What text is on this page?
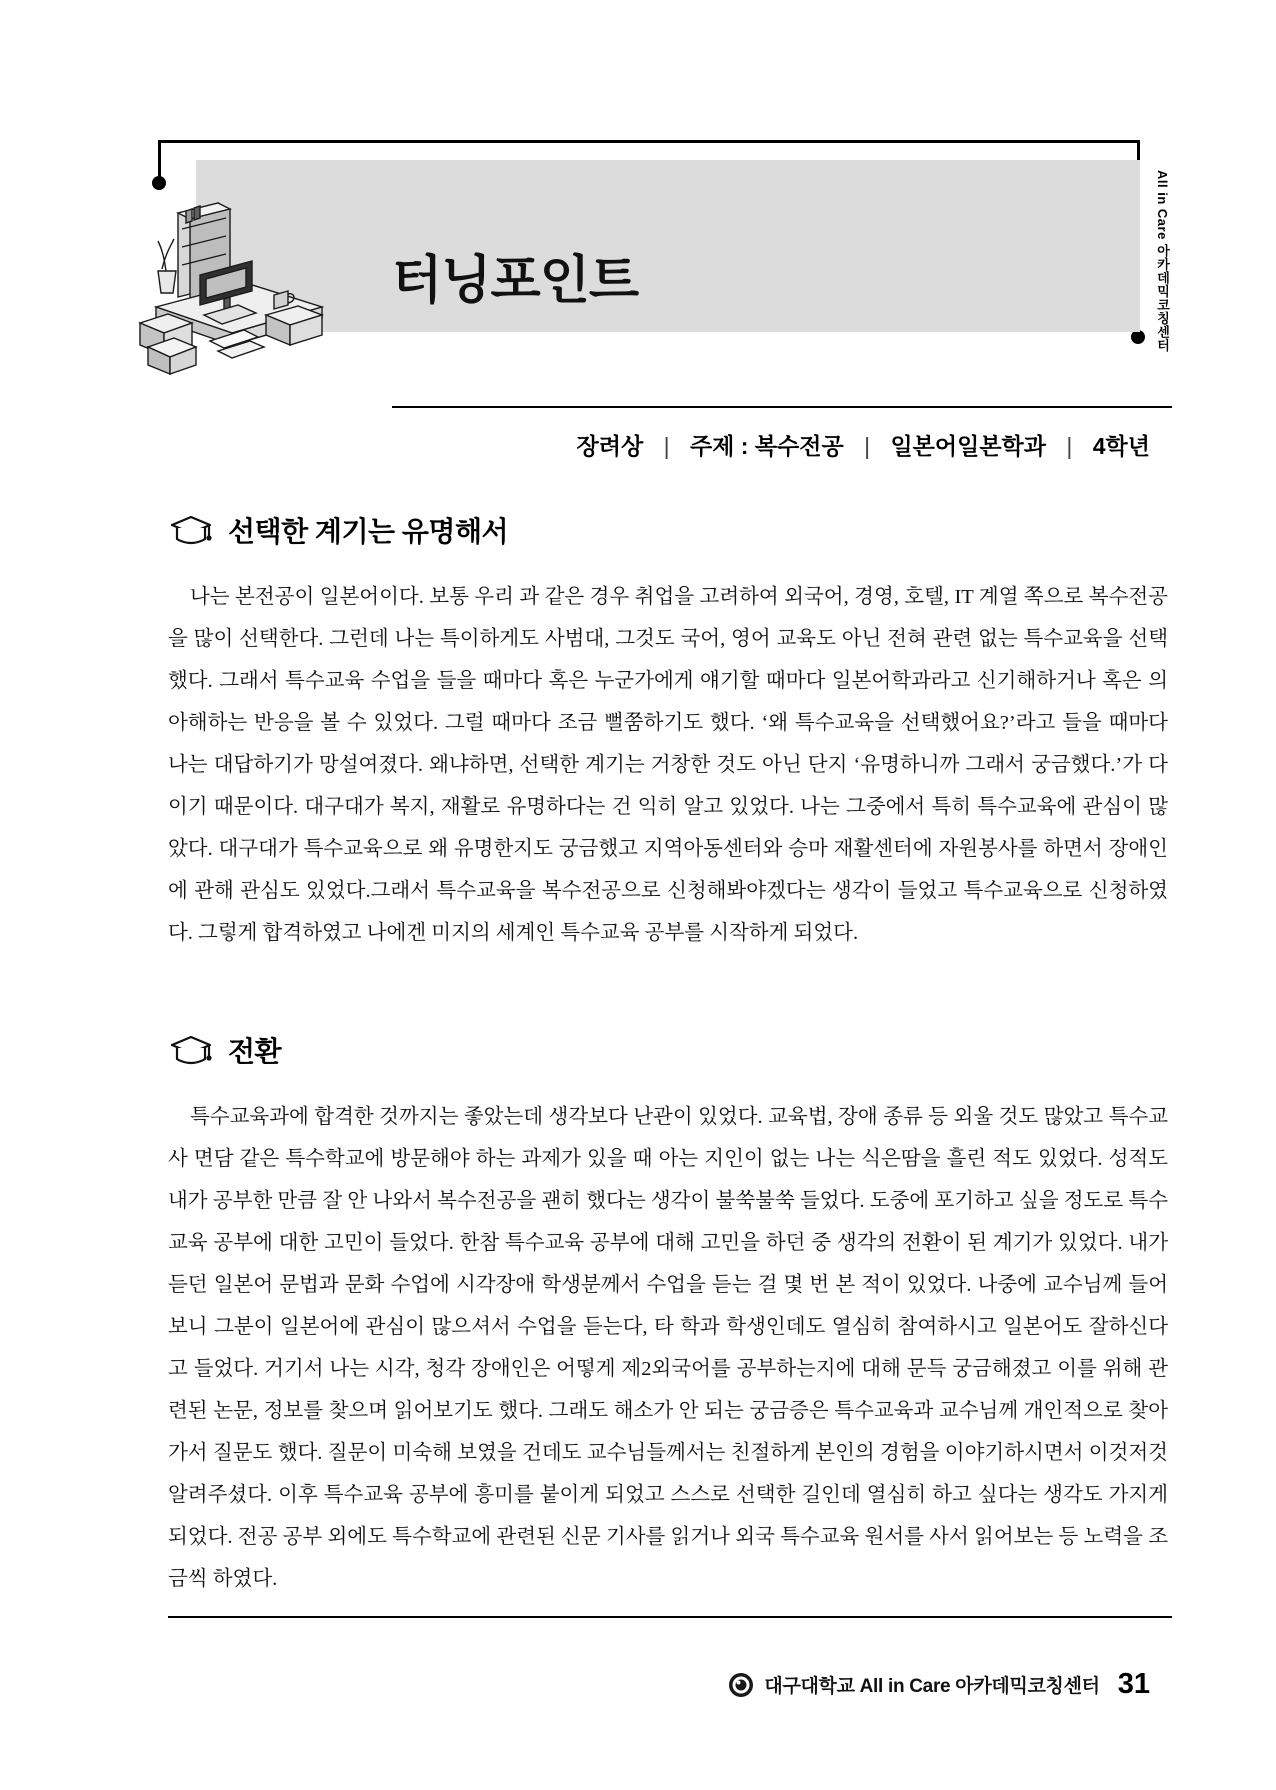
All in Care 아카데믹코칭센터
터닝포인트
장려상 | 주제 : 복수전공 | 일본어일본학과 | 4학년
선택한 계기는 유명해서

나는 본전공이 일본어이다. 보통 우리 과 같은 경우 취업을 고려하여 외국어, 경영, 호텔, IT 계열 쪽으로 복수전공을 많이 선택한다. 그런데 나는 특이하게도 사범대, 그것도 국어, 영어 교육도 아닌 전혀 관련 없는 특수교육을 선택했다. 그래서 특수교육 수업을 들을 때마다 혹은 누군가에게 얘기할 때마다 일본어학과라고 신기해하거나 혹은 의아해하는 반응을 볼 수 있었다. 그럴 때마다 조금 뻘쭘하기도 했다. ‘왜 특수교육을 선택했어요?’라고 들을 때마다 나는 대답하기가 망설여졌다. 왜냐하면, 선택한 계기는 거창한 것도 아닌 단지 ‘유명하니까 그래서 궁금했다.’가 다이기 때문이다. 대구대가 복지, 재활로 유명하다는 건 익히 알고 있었다. 나는 그중에서 특히 특수교육에 관심이 많았다. 대구대가 특수교육으로 왜 유명한지도 궁금했고 지역아동센터와 승마 재활센터에 자원봉사를 하면서 장애인에 관해 관심도 있었다.그래서 특수교육을 복수전공으로 신청해봐야겠다는 생각이 들었고 특수교육으로 신청하였다. 그렇게 합격하였고 나에겐 미지의 세계인 특수교육 공부를 시작하게 되었다.

전환

특수교육과에 합격한 것까지는 좋았는데 생각보다 난관이 있었다. 교육법, 장애 종류 등 외울 것도 많았고 특수교사 면담 같은 특수학교에 방문해야 하는 과제가 있을 때 아는 지인이 없는 나는 식은땀을 흘린 적도 있었다. 성적도 내가 공부한 만큼 잘 안 나와서 복수전공을 괜히 했다는 생각이 불쑥불쑥 들었다. 도중에 포기하고 싶을 정도로 특수교육 공부에 대한 고민이 들었다. 한참 특수교육 공부에 대해 고민을 하던 중 생각의 전환이 된 계기가 있었다. 내가 듣던 일본어 문법과 문화 수업에 시각장애 학생분께서 수업을 듣는 걸 몇 번 본 적이 있었다. 나중에 교수님께 들어보니 그분이 일본어에 관심이 많으셔서 수업을 듣는다, 타 학과 학생인데도 열심히 참여하시고 일본어도 잘하신다고 들었다. 거기서 나는 시각, 청각 장애인은 어떻게 제2외국어를 공부하는지에 대해 문득 궁금해졌고 이를 위해 관련된 논문, 정보를 찾으며 읽어보기도 했다. 그래도 해소가 안 되는 궁금증은 특수교육과 교수님께 개인적으로 찾아가서 질문도 했다. 질문이 미숙해 보였을 건데도 교수님들께서는 친절하게 본인의 경험을 이야기하시면서 이것저것 알려주셨다. 이후 특수교육 공부에 흥미를 붙이게 되었고 스스로 선택한 길인데 열심히 하고 싶다는 생각도 가지게 되었다. 전공 공부 외에도 특수학교에 관련된 신문 기사를 읽거나 외국 특수교육 원서를 사서 읽어보는 등 노력을 조금씩 하였다.

대구대학교 All in Care 아카데믹코칭센터 31
